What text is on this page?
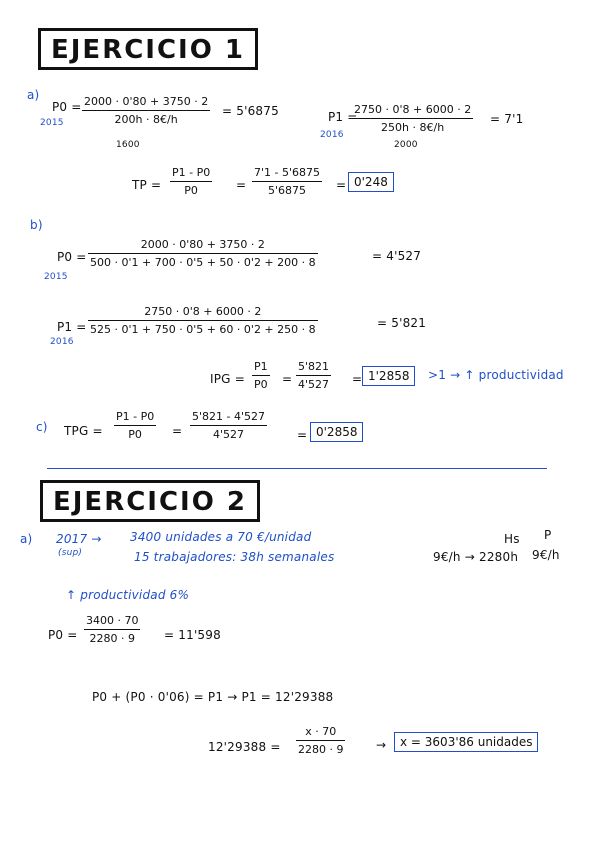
EJERCICIO 1
a)
P0 =
2015
2000 · 0'80 + 3750 · 2
200h · 8€/h
1600
= 5'6875	P1 =
2016
2750 · 0'8 + 6000 · 2
250h · 8€/h
2000
= 7'1
TP =
P1 - P0
P0	=
7'1 - 5'6875
5'6875 = 0'248
b)
P0 =
2015
2000 · 0'80 + 3750 · 2
500 · 0'1 + 700 · 0'5 + 50 · 0'2 + 200 · 8	= 4'527
P1 =
2016
2750 · 0'8 + 6000 · 2
525 · 0'1 + 750 · 0'5 + 60 · 0'2 + 250 · 8	= 5'821
IPG =
P1
P0 =
5'821
4'527 = 1'2858	>1 → ↑ productividad
c) TPG =
P1 - P0
P0	=
5'821 - 4'527
4'527	= 0'2858
EJERCICIO 2
a) 2017 →
(sup)
3400 unidades a 70 €/unidad
15 trabajadores: 38h semanales
Hs P
9€/h → 2280h 9€/h
↑ productividad 6%
P0 =
3400 · 70
2280 · 9 = 11'598
P0 + (P0 · 0'06) = P1 → P1 = 12'29388
12'29388 =
x · 70
2280 · 9	→	x = 3603'86 unidades
